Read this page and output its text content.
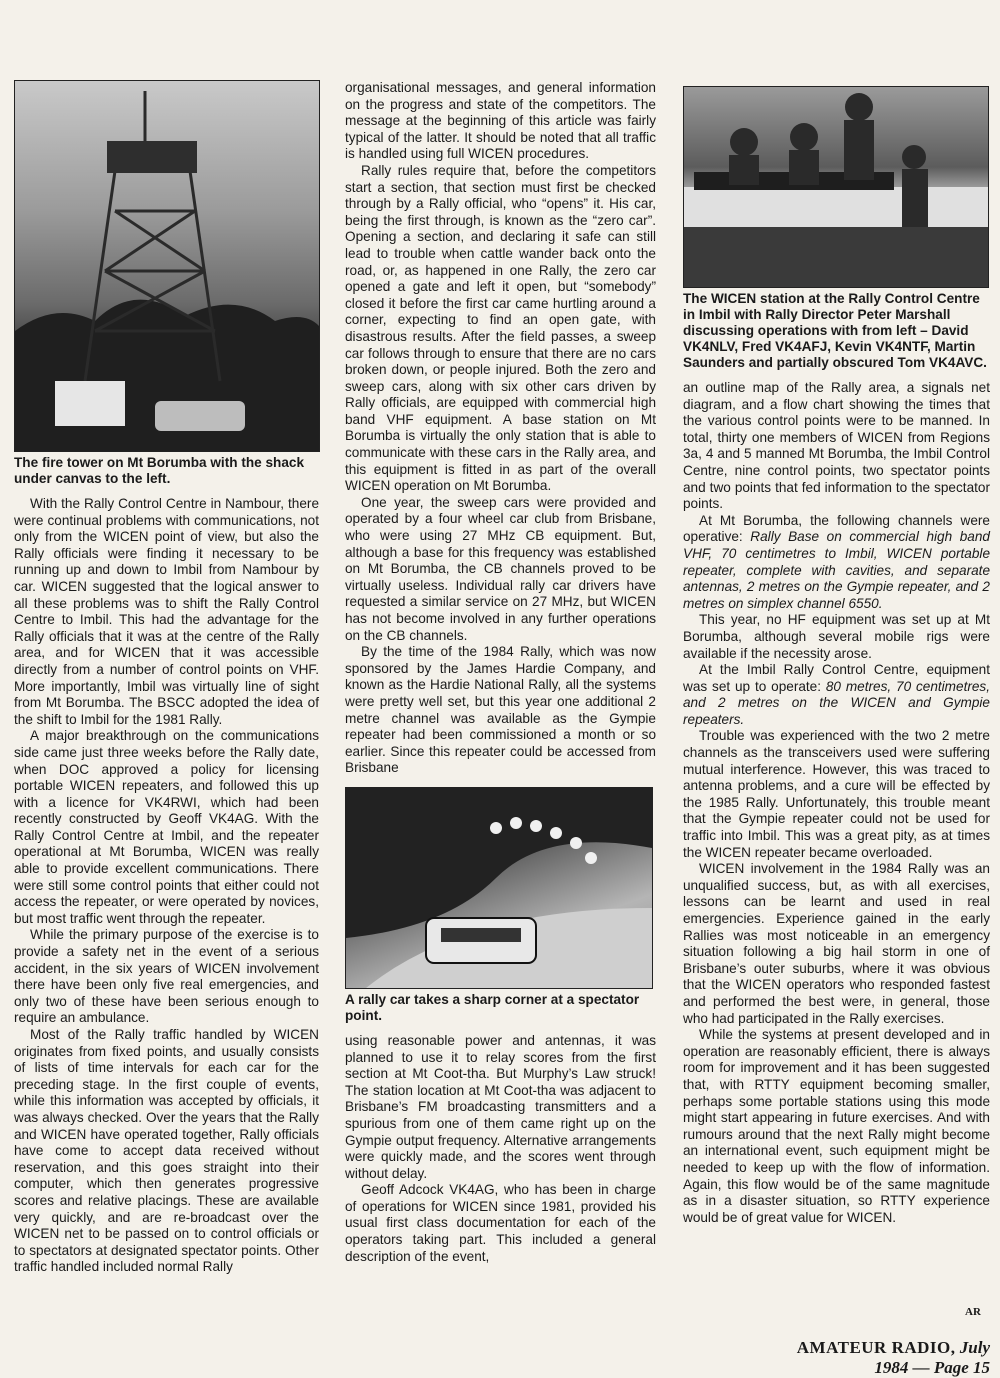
The fire tower on Mt Borumba with the shack under canvas to the left.

With the Rally Control Centre in Nambour, there were continual problems with communications, not only from the WICEN point of view, but also the Rally officials were finding it necessary to be running up and down to Imbil from Nambour by car. WICEN suggested that the logical answer to all these problems was to shift the Rally Control Centre to Imbil. This had the advantage for the Rally officials that it was at the centre of the Rally area, and for WICEN that it was accessible directly from a number of control points on VHF. More importantly, Imbil was virtually line of sight from Mt Borumba. The BSCC adopted the idea of the shift to Imbil for the 1981 Rally.

A major breakthrough on the communications side came just three weeks before the Rally date, when DOC approved a policy for licensing portable WICEN repeaters, and followed this up with a licence for VK4RWI, which had been recently constructed by Geoff VK4AG. With the Rally Control Centre at Imbil, and the repeater operational at Mt Borumba, WICEN was really able to provide excellent communications. There were still some control points that either could not access the repeater, or were operated by novices, but most traffic went through the repeater.

While the primary purpose of the exercise is to provide a safety net in the event of a serious accident, in the six years of WICEN involvement there have been only five real emergencies, and only two of these have been serious enough to require an ambulance.

Most of the Rally traffic handled by WICEN originates from fixed points, and usually consists of lists of time intervals for each car for the preceding stage. In the first couple of events, while this information was accepted by officials, it was always checked. Over the years that the Rally and WICEN have operated together, Rally officials have come to accept data received without reservation, and this goes straight into their computer, which then generates progressive scores and relative placings. These are available very quickly, and are re-broadcast over the WICEN net to be passed on to control officials or to spectators at designated spectator points. Other traffic handled included normal Rally

organisational messages, and general information on the progress and state of the competitors. The message at the beginning of this article was fairly typical of the latter. It should be noted that all traffic is handled using full WICEN procedures.

Rally rules require that, before the competitors start a section, that section must first be checked through by a Rally official, who “opens” it. His car, being the first through, is known as the “zero car”. Opening a section, and declaring it safe can still lead to trouble when cattle wander back onto the road, or, as happened in one Rally, the zero car opened a gate and left it open, but “somebody” closed it before the first car came hurtling around a corner, expecting to find an open gate, with disastrous results. After the field passes, a sweep car follows through to ensure that there are no cars broken down, or people injured. Both the zero and sweep cars, along with six other cars driven by Rally officials, are equipped with commercial high band VHF equipment. A base station on Mt Borumba is virtually the only station that is able to communicate with these cars in the Rally area, and this equipment is fitted in as part of the overall WICEN operation on Mt Borumba.

One year, the sweep cars were provided and operated by a four wheel car club from Brisbane, who were using 27 MHz CB equipment. But, although a base for this frequency was established on Mt Borumba, the CB channels proved to be virtually useless. Individual rally car drivers have requested a similar service on 27 MHz, but WICEN has not become involved in any further operations on the CB channels.

By the time of the 1984 Rally, which was now sponsored by the James Hardie Company, and known as the Hardie National Rally, all the systems were pretty well set, but this year one additional 2 metre channel was available as the Gympie repeater had been commissioned a month or so earlier. Since this repeater could be accessed from Brisbane

A rally car takes a sharp corner at a spectator point.

using reasonable power and antennas, it was planned to use it to relay scores from the first section at Mt Coot-tha. But Murphy’s Law struck! The station location at Mt Coot-tha was adjacent to Brisbane’s FM broadcasting transmitters and a spurious from one of them came right up on the Gympie output frequency. Alternative arrangements were quickly made, and the scores went through without delay.

Geoff Adcock VK4AG, who has been in charge of operations for WICEN since 1981, provided his usual first class documentation for each of the operators taking part. This included a general description of the event,

The WICEN station at the Rally Control Centre in Imbil with Rally Director Peter Marshall discussing operations with from left – David VK4NLV, Fred VK4AFJ, Kevin VK4NTF, Martin Saunders and partially obscured Tom VK4AVC.

an outline map of the Rally area, a signals net diagram, and a flow chart showing the times that the various control points were to be manned. In total, thirty one members of WICEN from Regions 3a, 4 and 5 manned Mt Borumba, the Imbil Control Centre, nine control points, two spectator points and two points that fed information to the spectator points.

At Mt Borumba, the following channels were operative: Rally Base on commercial high band VHF, 70 centimetres to Imbil, WICEN portable repeater, complete with cavities, and separate antennas, 2 metres on the Gympie repeater, and 2 metres on simplex channel 6550.

This year, no HF equipment was set up at Mt Borumba, although several mobile rigs were available if the necessity arose.

At the Imbil Rally Control Centre, equipment was set up to operate: 80 metres, 70 centimetres, and 2 metres on the WICEN and Gympie repeaters.

Trouble was experienced with the two 2 metre channels as the transceivers used were suffering mutual interference. However, this was traced to antenna problems, and a cure will be effected by the 1985 Rally. Unfortunately, this trouble meant that the Gympie repeater could not be used for traffic into Imbil. This was a great pity, as at times the WICEN repeater became overloaded.

WICEN involvement in the 1984 Rally was an unqualified success, but, as with all exercises, lessons can be learnt and used in real emergencies. Experience gained in the early Rallies was most noticeable in an emergency situation following a big hail storm in one of Brisbane’s outer suburbs, where it was obvious that the WICEN operators who responded fastest and performed the best were, in general, those who had participated in the Rally exercises.

While the systems at present developed and in operation are reasonably efficient, there is always room for improvement and it has been suggested that, with RTTY equipment becoming smaller, perhaps some portable stations using this mode might start appearing in future exercises. And with rumours around that the next Rally might become an international event, such equipment might be needed to keep up with the flow of information. Again, this flow would be of the same magnitude as in a disaster situation, so RTTY experience would be of great value for WICEN.

AR
AMATEUR RADIO, July 1984 — Page 15
